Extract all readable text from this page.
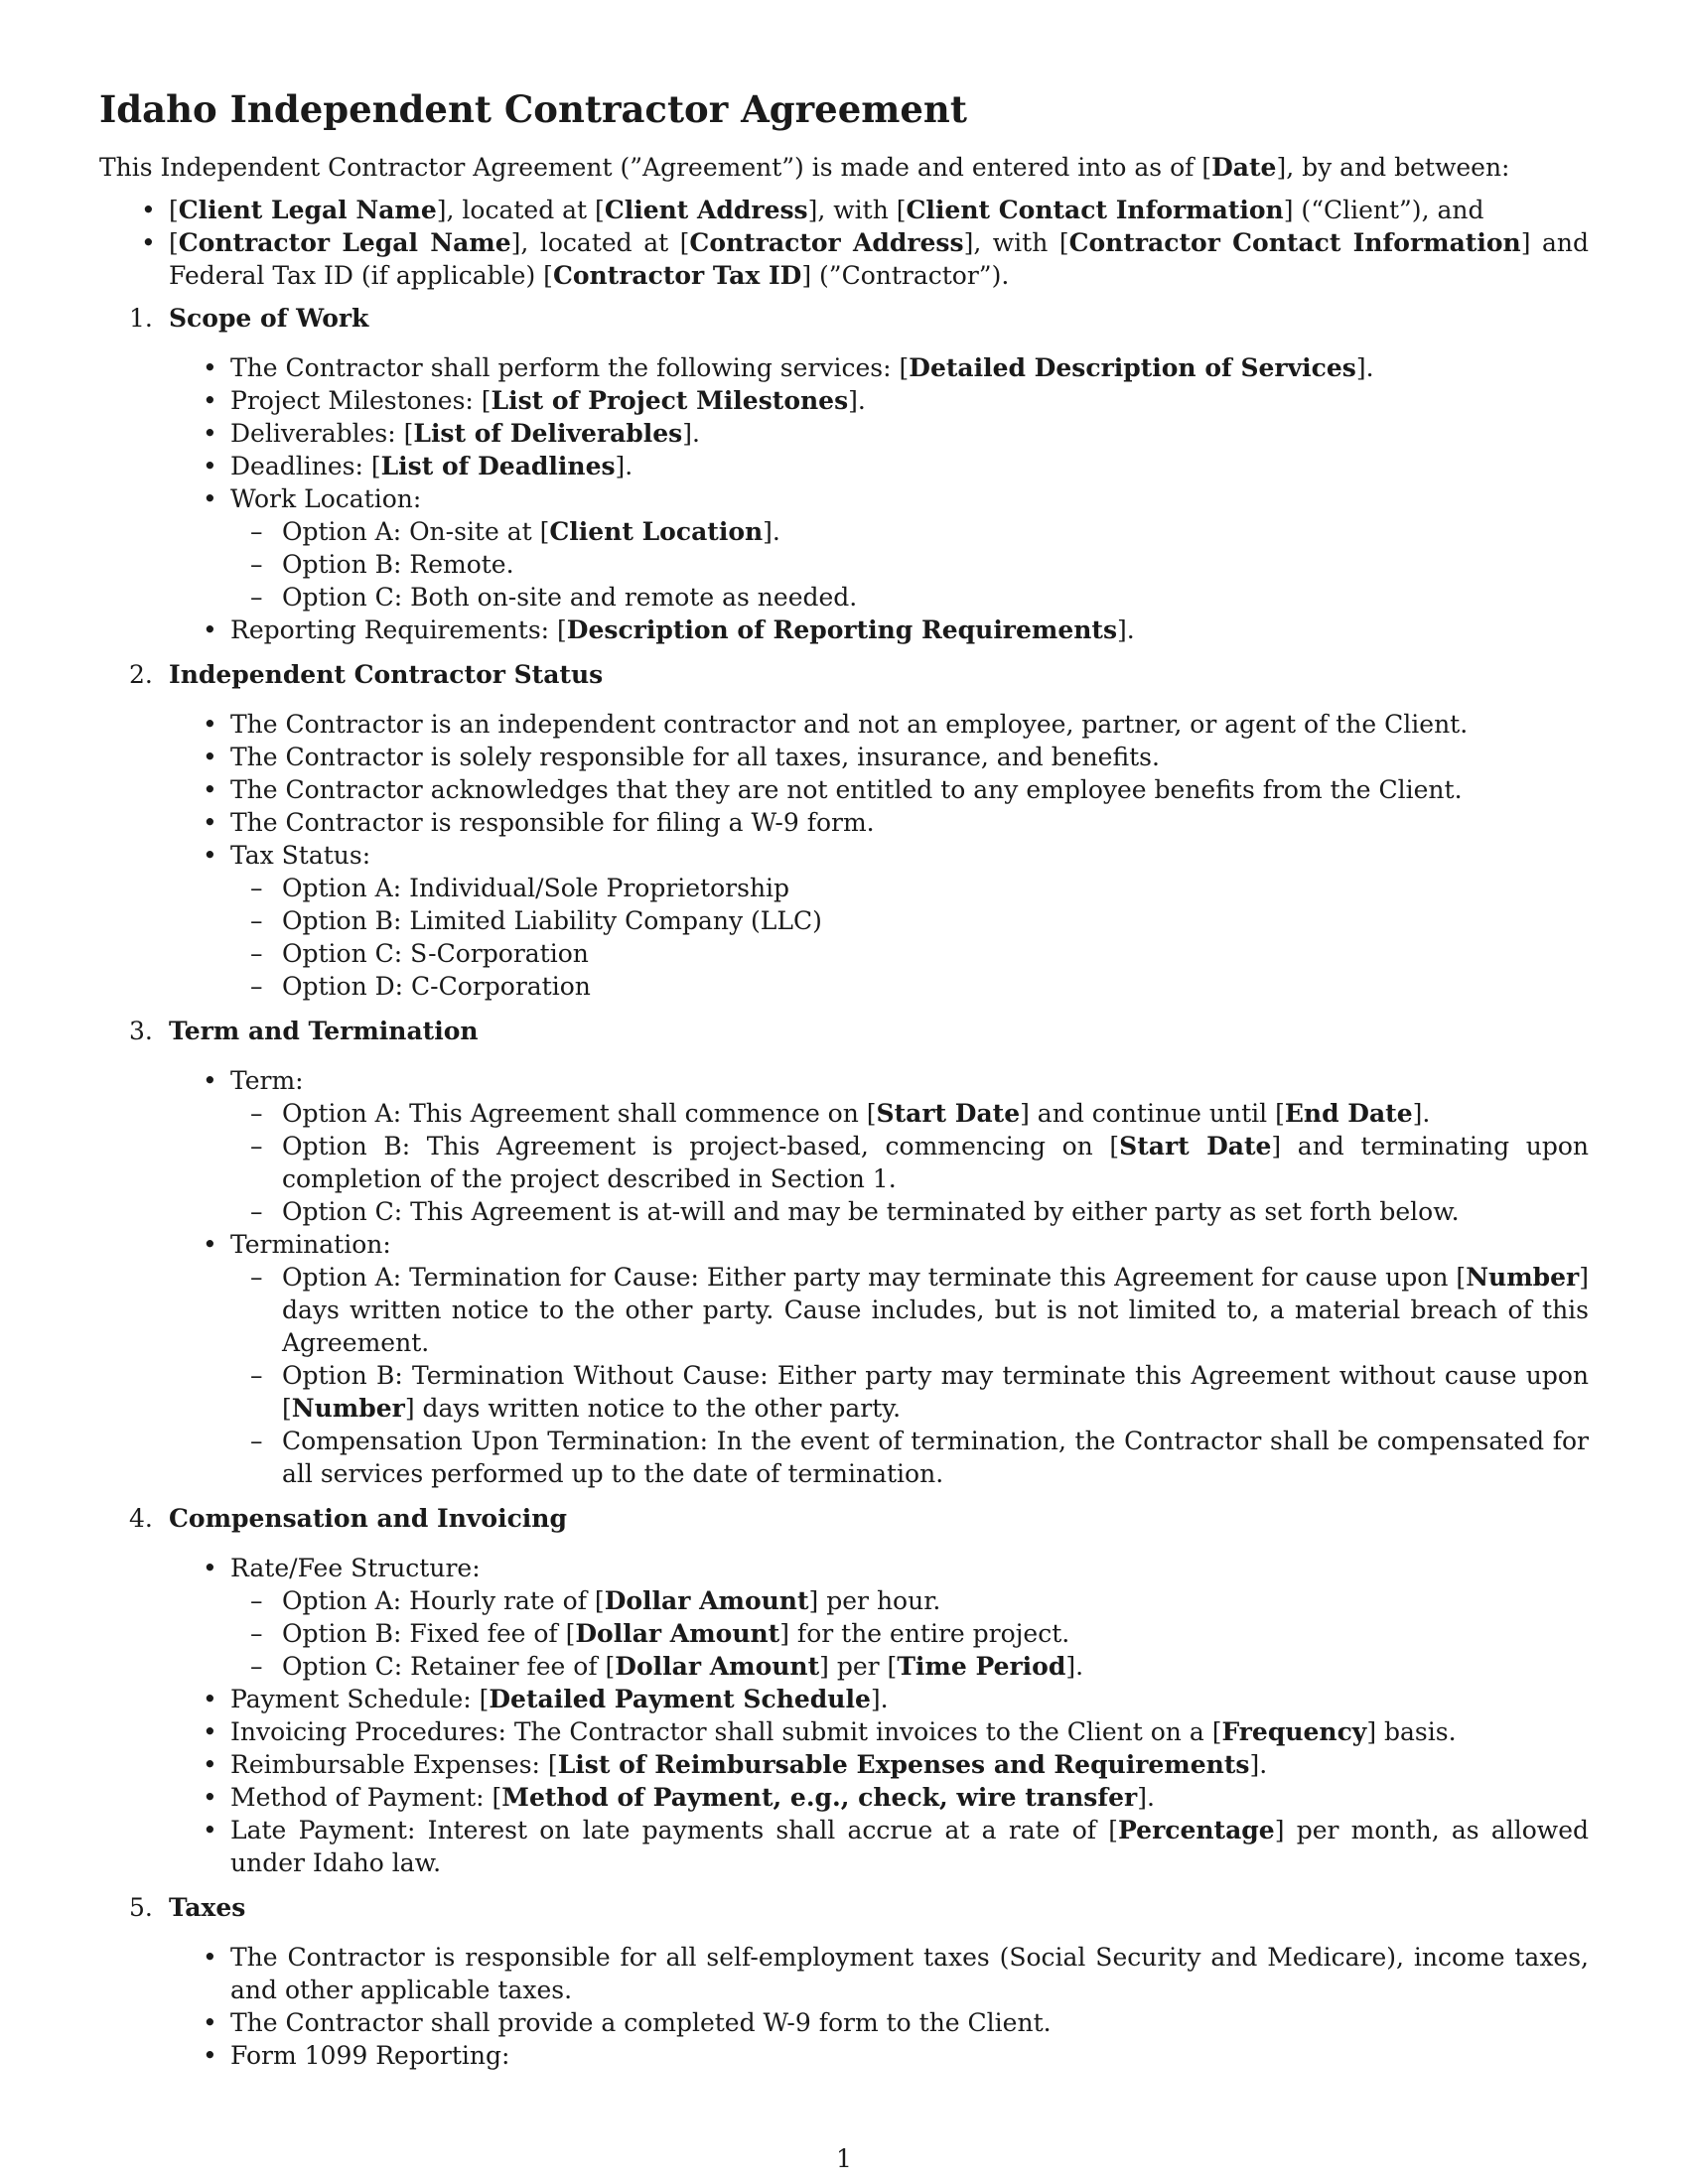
Idaho Independent Contractor Agreement

This Independent Contractor Agreement (”Agreement”) is made and entered into as of [Date], by and between:

• [Client Legal Name], located at [Client Address], with [Client Contact Information] (“Client”), and
• [Contractor Legal Name], located at [Contractor Address], with [Contractor Contact Information] and Federal Tax ID (if applicable) [Contractor Tax ID] (”Contractor”).
1. Scope of Work
• The Contractor shall perform the following services: [Detailed Description of Services].
• Project Milestones: [List of Project Milestones].
• Deliverables: [List of Deliverables].
• Deadlines: [List of Deadlines].
• Work Location:
– Option A: On-site at [Client Location].
– Option B: Remote.
– Option C: Both on-site and remote as needed.
• Reporting Requirements: [Description of Reporting Requirements].
2. Independent Contractor Status
• The Contractor is an independent contractor and not an employee, partner, or agent of the Client.
• The Contractor is solely responsible for all taxes, insurance, and benefits.
• The Contractor acknowledges that they are not entitled to any employee benefits from the Client.
• The Contractor is responsible for filing a W-9 form.
• Tax Status:
– Option A: Individual/Sole Proprietorship
– Option B: Limited Liability Company (LLC)
– Option C: S-Corporation
– Option D: C-Corporation
3. Term and Termination
• Term:
– Option A: This Agreement shall commence on [Start Date] and continue until [End Date].
– Option B: This Agreement is project-based, commencing on [Start Date] and terminating upon completion of the project described in Section 1.
– Option C: This Agreement is at-will and may be terminated by either party as set forth below.
• Termination:
– Option A: Termination for Cause: Either party may terminate this Agreement for cause upon [Number] days written notice to the other party. Cause includes, but is not limited to, a material breach of this Agreement.
– Option B: Termination Without Cause: Either party may terminate this Agreement without cause upon [Number] days written notice to the other party.
– Compensation Upon Termination: In the event of termination, the Contractor shall be compensated for all services performed up to the date of termination.
4. Compensation and Invoicing
• Rate/Fee Structure:
– Option A: Hourly rate of [Dollar Amount] per hour.
– Option B: Fixed fee of [Dollar Amount] for the entire project.
– Option C: Retainer fee of [Dollar Amount] per [Time Period].
• Payment Schedule: [Detailed Payment Schedule].
• Invoicing Procedures: The Contractor shall submit invoices to the Client on a [Frequency] basis.
• Reimbursable Expenses: [List of Reimbursable Expenses and Requirements].
• Method of Payment: [Method of Payment, e.g., check, wire transfer].
• Late Payment: Interest on late payments shall accrue at a rate of [Percentage] per month, as allowed under Idaho law.
5. Taxes
• The Contractor is responsible for all self-employment taxes (Social Security and Medicare), income taxes, and other applicable taxes.
• The Contractor shall provide a completed W-9 form to the Client.
• Form 1099 Reporting:
1
